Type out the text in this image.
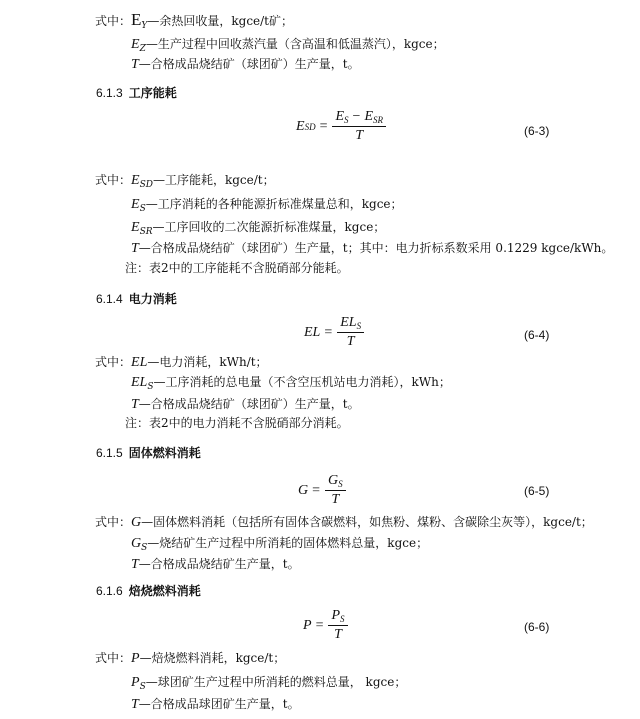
式中：$E_Y—$余热回收量，kgce/t矿；
$E_Z—$生产过程中回收蒸汽量（含高温和低温蒸汽），kgce；
T—合格成品烧结矿（球团矿）生产量，t。
6.1.3 工序能耗
E SD = $\frac{E_S - E_{SR}}{T}$	(6-3)
式中：$E_{SD}—$工序能耗，kgce/t；
$E_S—$工序消耗的各种能源折标准煤量总和，kgce；
$E_{SR}—$工序回收的二次能源折标准煤量，kgce；
T—合格成品烧结矿（球团矿）生产量，t；其中：电力折标系数采用 0.1229 kgce/kWh。
注：表2中的工序能耗不含脱硝部分能耗。
6.1.4 电力消耗
EL = $\frac{EL_S}{T}$	(6-4)
式中：EL—电力消耗，kWh/t；
$EL_S—$工序消耗的总电量（不含空压机站电力消耗），kWh；
T—合格成品烧结矿（球团矿）生产量，t。
注：表2中的电力消耗不含脱硝部分消耗。
6.1.5 固体燃料消耗
$G = \frac{G_S}{T}$	(6-5)
式中：G—固体燃料消耗（包括所有固体含碳燃料，如焦粉、煤粉、含碳除尘灰等），kgce/t；
$G_S—$烧结矿生产过程中所消耗的固体燃料总量，kgce；
T—合格成品烧结矿生产量，t。
6.1.6 焙烧燃料消耗
$P = \frac{P_S}{T}$	(6-6)
式中：P—焙烧燃料消耗，kgce/t；
$P_S—$球团矿生产过程中所消耗的燃料总量， kgce；
T—合格成品球团矿生产量，t。
